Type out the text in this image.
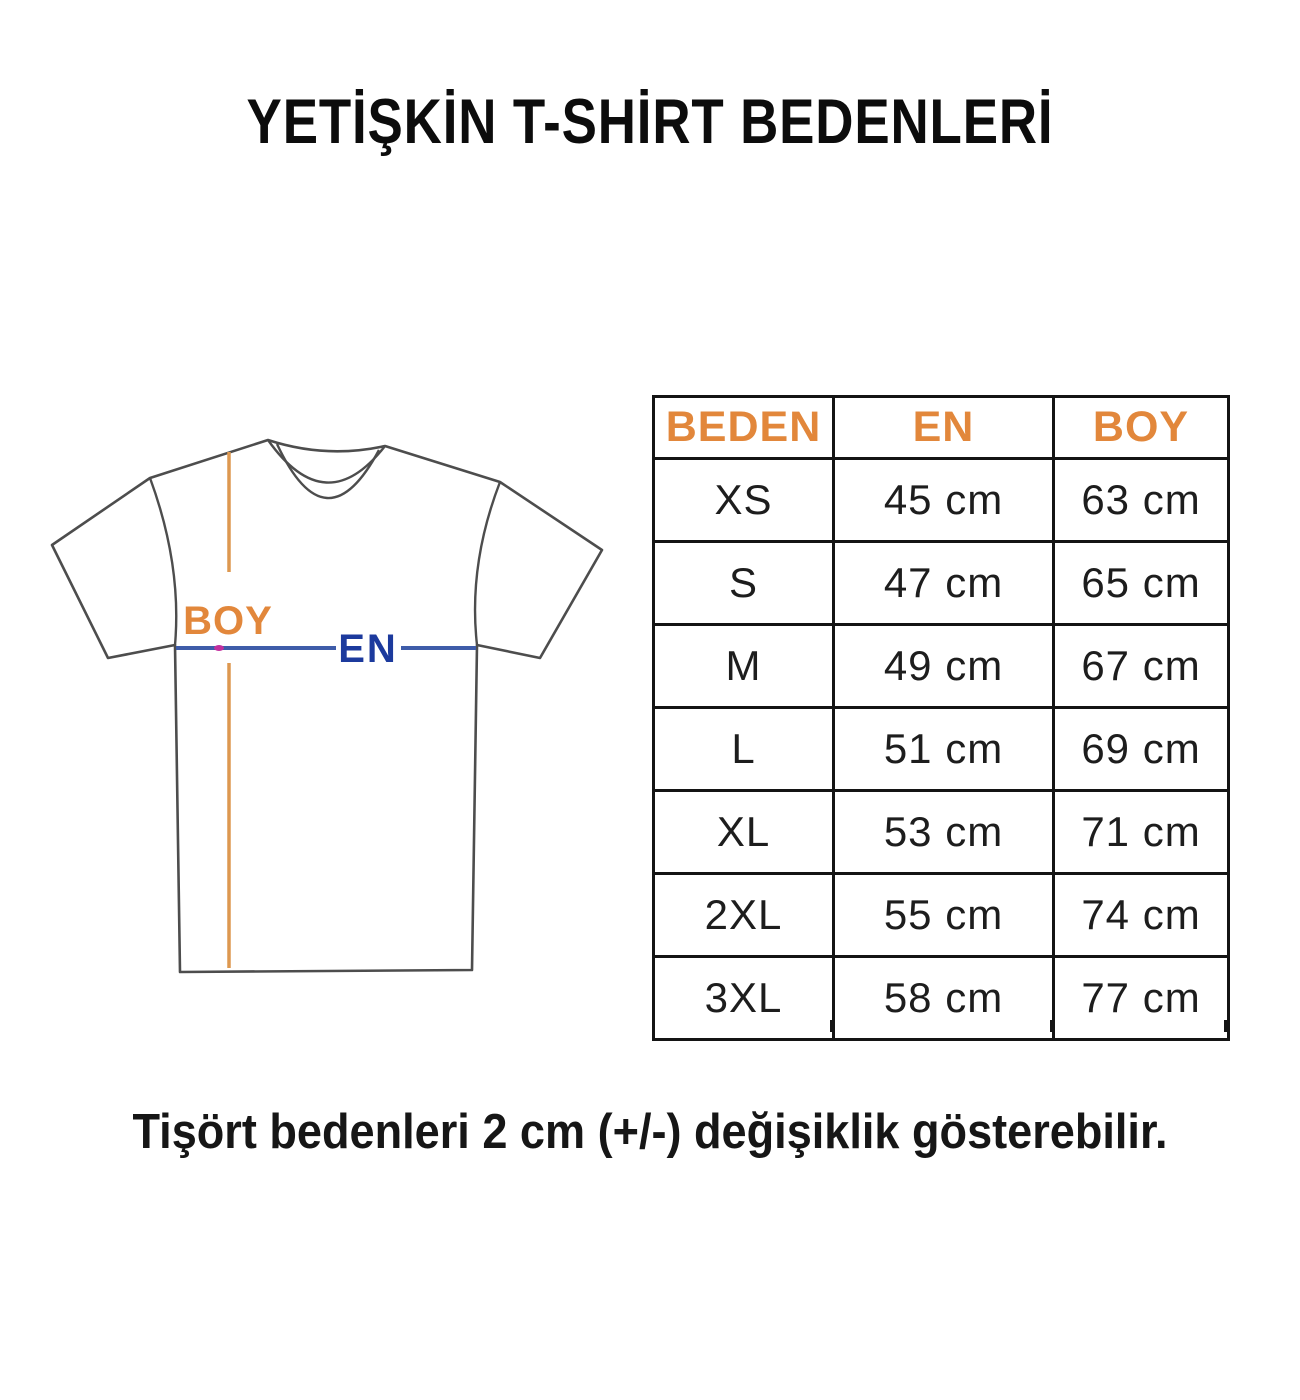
YETİŞKİN T-SHİRT BEDENLERİ
BOY
EN
BEDEN	EN	BOY
XS	45 cm	63 cm
S	47 cm	65 cm
M	49 cm	67 cm
L	51 cm	69 cm
XL	53 cm	71 cm
2XL	55 cm	74 cm
3XL	58 cm	77 cm
Tişört bedenleri 2 cm (+/-) değişiklik gösterebilir.
